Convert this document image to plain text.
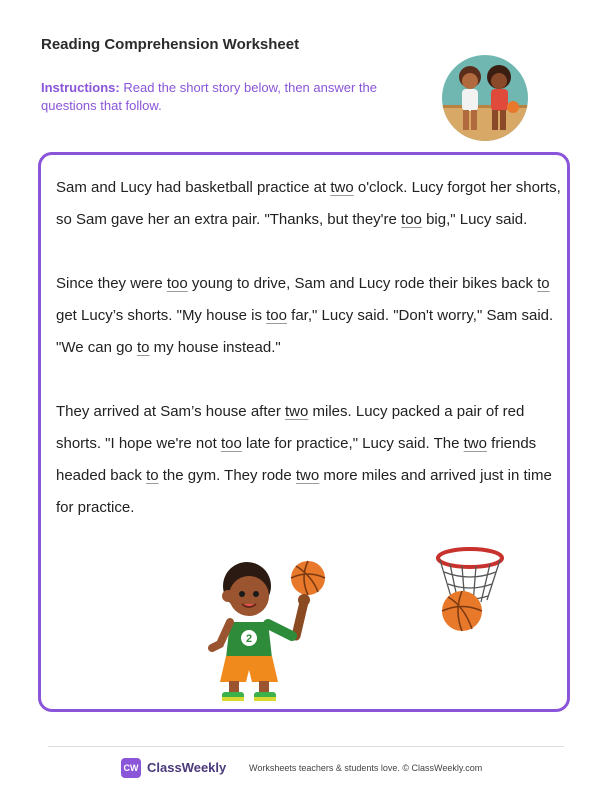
Reading Comprehension Worksheet
Instructions: Read the short story below, then answer the questions that follow.

Sam and Lucy had basketball practice at two o'clock. Lucy forgot her shorts, so Sam gave her an extra pair. "Thanks, but they're too big," Lucy said.

Since they were too young to drive, Sam and Lucy rode their bikes back to get Lucy’s shorts. "My house is too far," Lucy said. "Don't worry," Sam said. "We can go to my house instead."

They arrived at Sam’s house after two miles. Lucy packed a pair of red shorts. "I hope we're not too late for practice," Lucy said. The two friends headed back to the gym. They rode two more miles and arrived just in time for practice.

2
CW ClassWeekly	Worksheets teachers & students love. © ClassWeekly.com
